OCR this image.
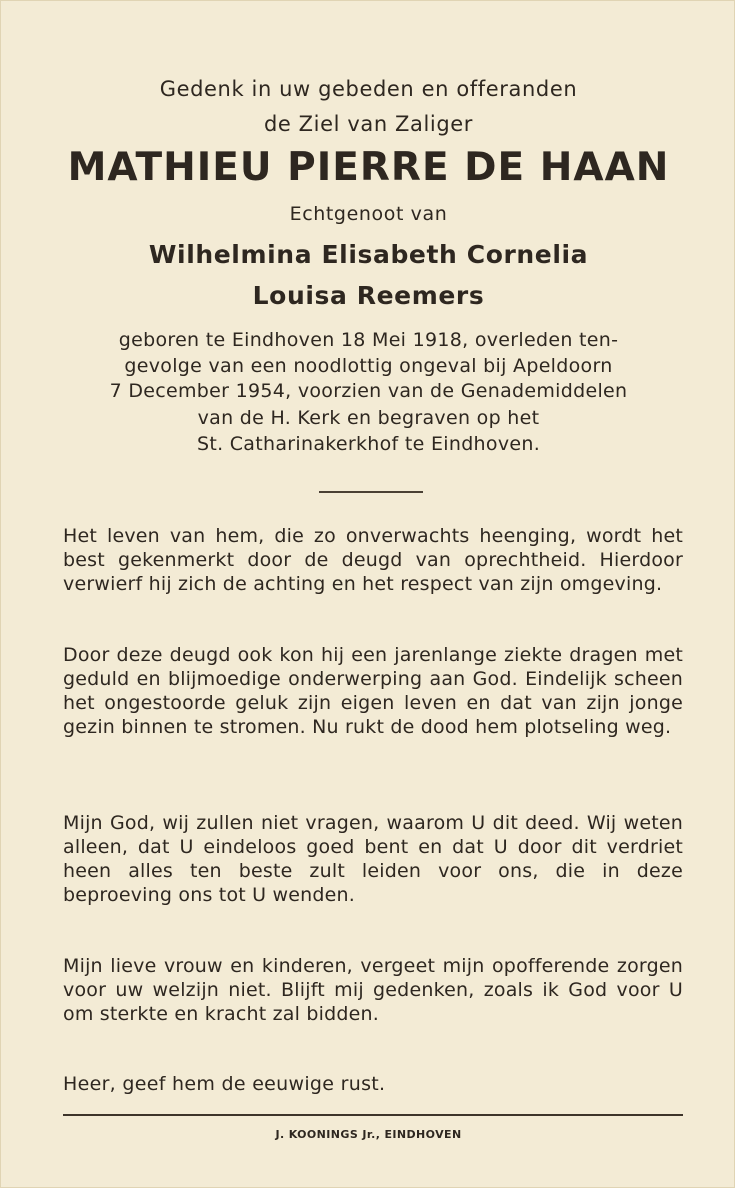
Gedenk in uw gebeden en offeranden

de Ziel van Zaliger

MATHIEU PIERRE DE HAAN

Echtgenoot van

Wilhelmina Elisabeth Cornelia

Louisa Reemers

geboren te Eindhoven 18 Mei 1918, overleden ten-

gevolge van een noodlottig ongeval bij Apeldoorn

7 December 1954, voorzien van de Genademiddelen

van de H. Kerk en begraven op het

St. Catharinakerkhof te Eindhoven.

Het leven van hem, die zo onverwachts heenging, wordt het best gekenmerkt door de deugd van oprechtheid. Hierdoor verwierf hij zich de achting en het respect van zijn omgeving.

Door deze deugd ook kon hij een jarenlange ziekte dragen met geduld en blijmoedige onderwerping aan God. Eindelijk scheen het ongestoorde geluk zijn eigen leven en dat van zijn jonge gezin binnen te stromen. Nu rukt de dood hem plotseling weg.

Mijn God, wij zullen niet vragen, waarom U dit deed. Wij weten alleen, dat U eindeloos goed bent en dat U door dit verdriet heen alles ten beste zult leiden voor ons, die in deze beproeving ons tot U wenden.

Mijn lieve vrouw en kinderen, vergeet mijn opofferende zorgen voor uw welzijn niet. Blijft mij gedenken, zoals ik God voor U om sterkte en kracht zal bidden.

Heer, geef hem de eeuwige rust.

J. KOONINGS Jr., EINDHOVEN
